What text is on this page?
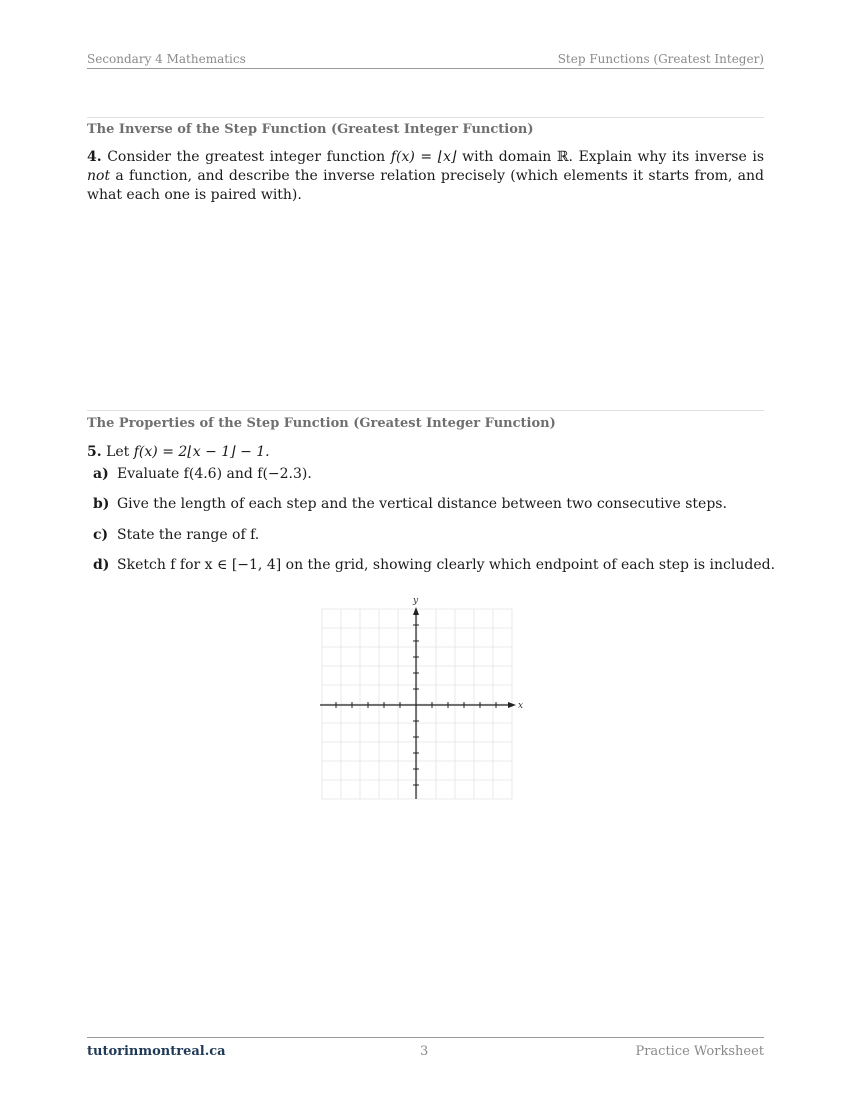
Secondary 4 Mathematics	Step Functions (Greatest Integer)
The Inverse of the Step Function (Greatest Integer Function)
4. Consider the greatest integer function f(x) = ⌊x⌋ with domain ℝ. Explain why its inverse is not a function, and describe the inverse relation precisely (which elements it starts from, and what each one is paired with).
The Properties of the Step Function (Greatest Integer Function)
5. Let f(x) = 2⌊x − 1⌋ − 1.
a) Evaluate f(4.6) and f(−2.3).
b) Give the length of each step and the vertical distance between two consecutive steps.
c) State the range of f.
d) Sketch f for x ∈ [−1, 4] on the grid, showing clearly which endpoint of each step is included.
x
y
tutorinmontreal.ca	3	Practice Worksheet
